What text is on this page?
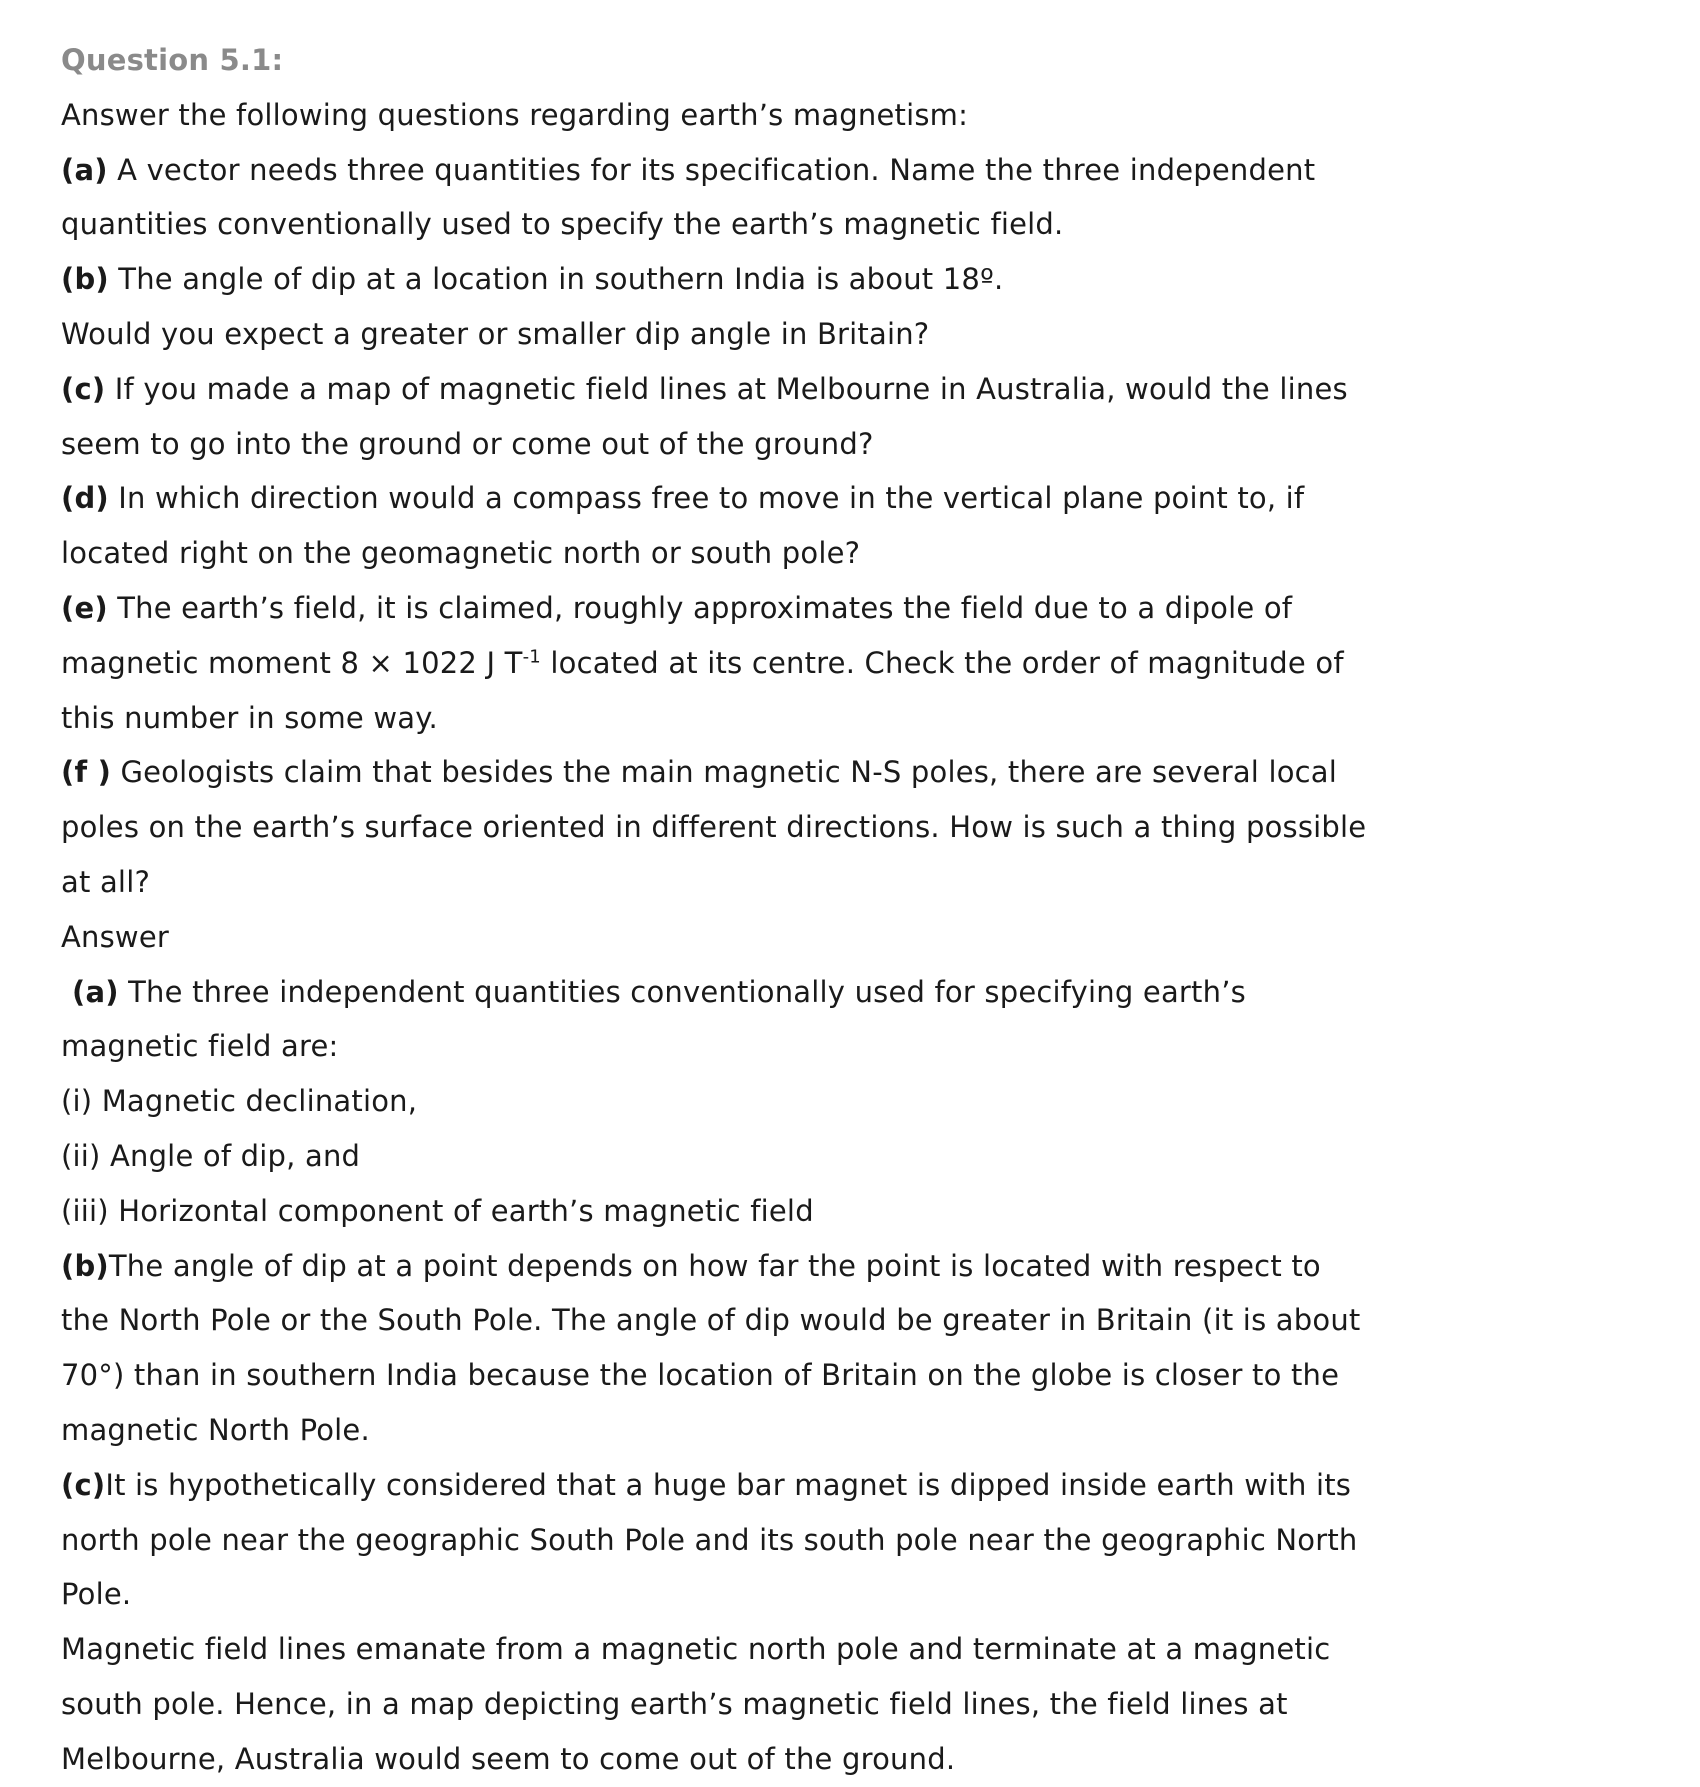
Question 5.1:
Answer the following questions regarding earth’s magnetism:
(a) A vector needs three quantities for its specification. Name the three independent
quantities conventionally used to specify the earth’s magnetic field.
(b) The angle of dip at a location in southern India is about 18º.
Would you expect a greater or smaller dip angle in Britain?
(c) If you made a map of magnetic field lines at Melbourne in Australia, would the lines
seem to go into the ground or come out of the ground?
(d) In which direction would a compass free to move in the vertical plane point to, if
located right on the geomagnetic north or south pole?
(e) The earth’s field, it is claimed, roughly approximates the field due to a dipole of
magnetic moment 8 × 1022 J $T^{-1}$ located at its centre. Check the order of magnitude of
this number in some way.
(f ) Geologists claim that besides the main magnetic N-S poles, there are several local
poles on the earth’s surface oriented in different directions. How is such a thing possible
at all?
Answer
(a) The three independent quantities conventionally used for specifying earth’s
magnetic field are:
(i) Magnetic declination,
(ii) Angle of dip, and
(iii) Horizontal component of earth’s magnetic field
(b)The angle of dip at a point depends on how far the point is located with respect to
the North Pole or the South Pole. The angle of dip would be greater in Britain (it is about
70°) than in southern India because the location of Britain on the globe is closer to the
magnetic North Pole.
(c)It is hypothetically considered that a huge bar magnet is dipped inside earth with its
north pole near the geographic South Pole and its south pole near the geographic North
Pole.
Magnetic field lines emanate from a magnetic north pole and terminate at a magnetic
south pole. Hence, in a map depicting earth’s magnetic field lines, the field lines at
Melbourne, Australia would seem to come out of the ground.
